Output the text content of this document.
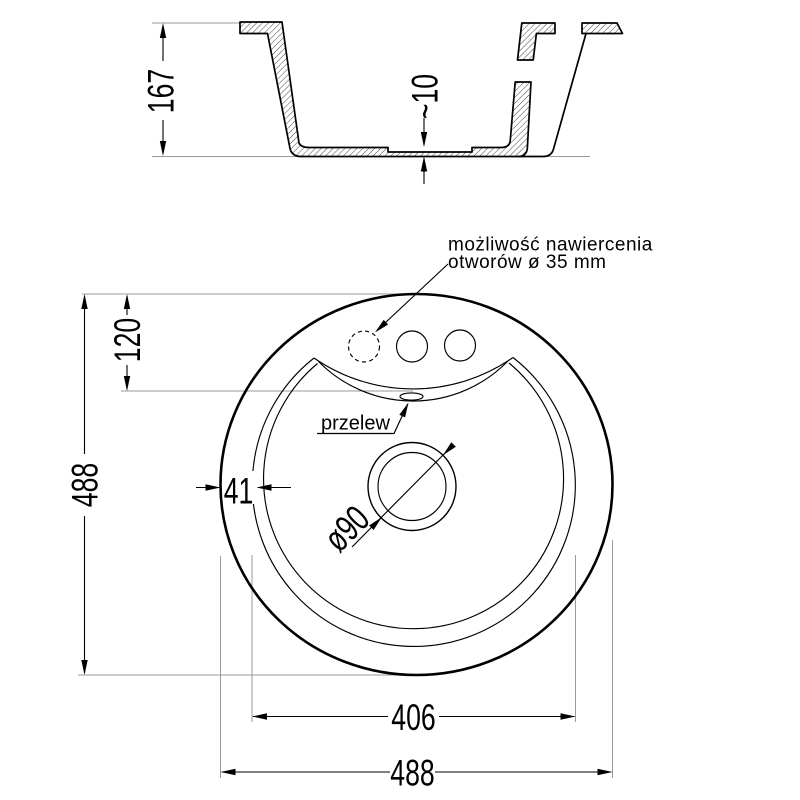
167	~10
ø90
120
488	41
406
488
możliwość nawiercenia
otworów ø 35 mm
przelew
